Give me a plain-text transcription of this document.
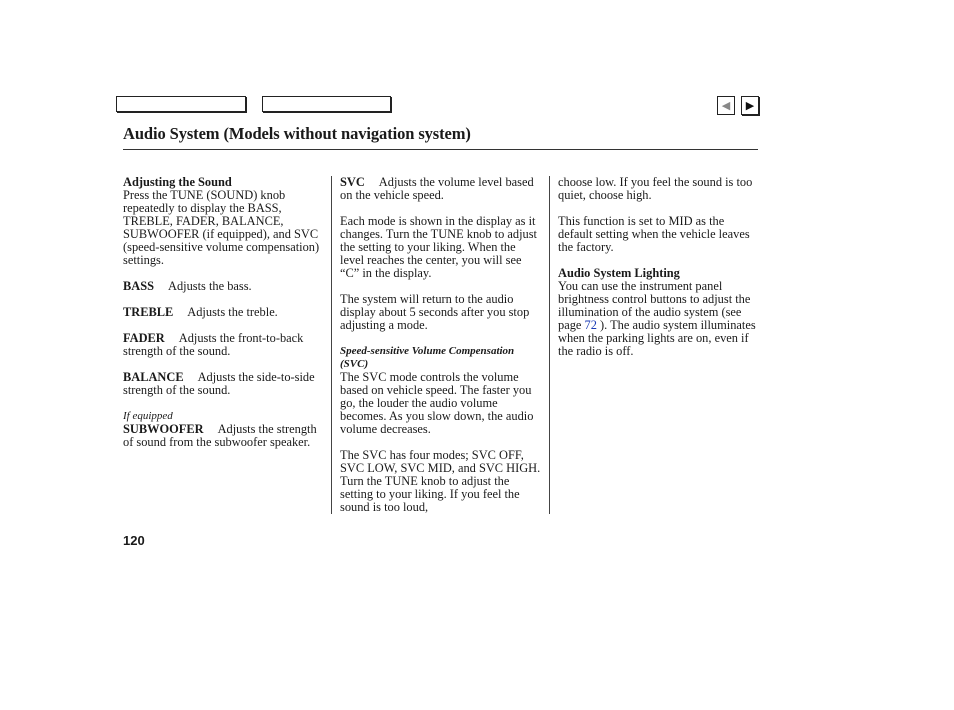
◀ ▶
Audio System (Models without navigation system)

Adjusting the Sound
Press the TUNE (SOUND) knob repeatedly to display the BASS, TREBLE, FADER, BALANCE, SUBWOOFER (if equipped), and SVC (speed-sensitive volume compensation) settings.

BASS Adjusts the bass.

TREBLE Adjusts the treble.

FADER Adjusts the front-to-back strength of the sound.

BALANCE Adjusts the side-to-side strength of the sound.

If equipped
SUBWOOFER Adjusts the strength of sound from the subwoofer speaker.

SVC Adjusts the volume level based on the vehicle speed.

Each mode is shown in the display as it changes. Turn the TUNE knob to adjust the setting to your liking. When the level reaches the center, you will see “C” in the display.

The system will return to the audio display about 5 seconds after you stop adjusting a mode.

Speed-sensitive Volume Compensation (SVC)
The SVC mode controls the volume based on vehicle speed. The faster you go, the louder the audio volume becomes. As you slow down, the audio volume decreases.

The SVC has four modes; SVC OFF, SVC LOW, SVC MID, and SVC HIGH. Turn the TUNE knob to adjust the setting to your liking. If you feel the sound is too loud,

choose low. If you feel the sound is too quiet, choose high.

This function is set to MID as the default setting when the vehicle leaves the factory.

Audio System Lighting
You can use the instrument panel brightness control buttons to adjust the illumination of the audio system (see page 72 ). The audio system illuminates when the parking lights are on, even if the radio is off.

120
